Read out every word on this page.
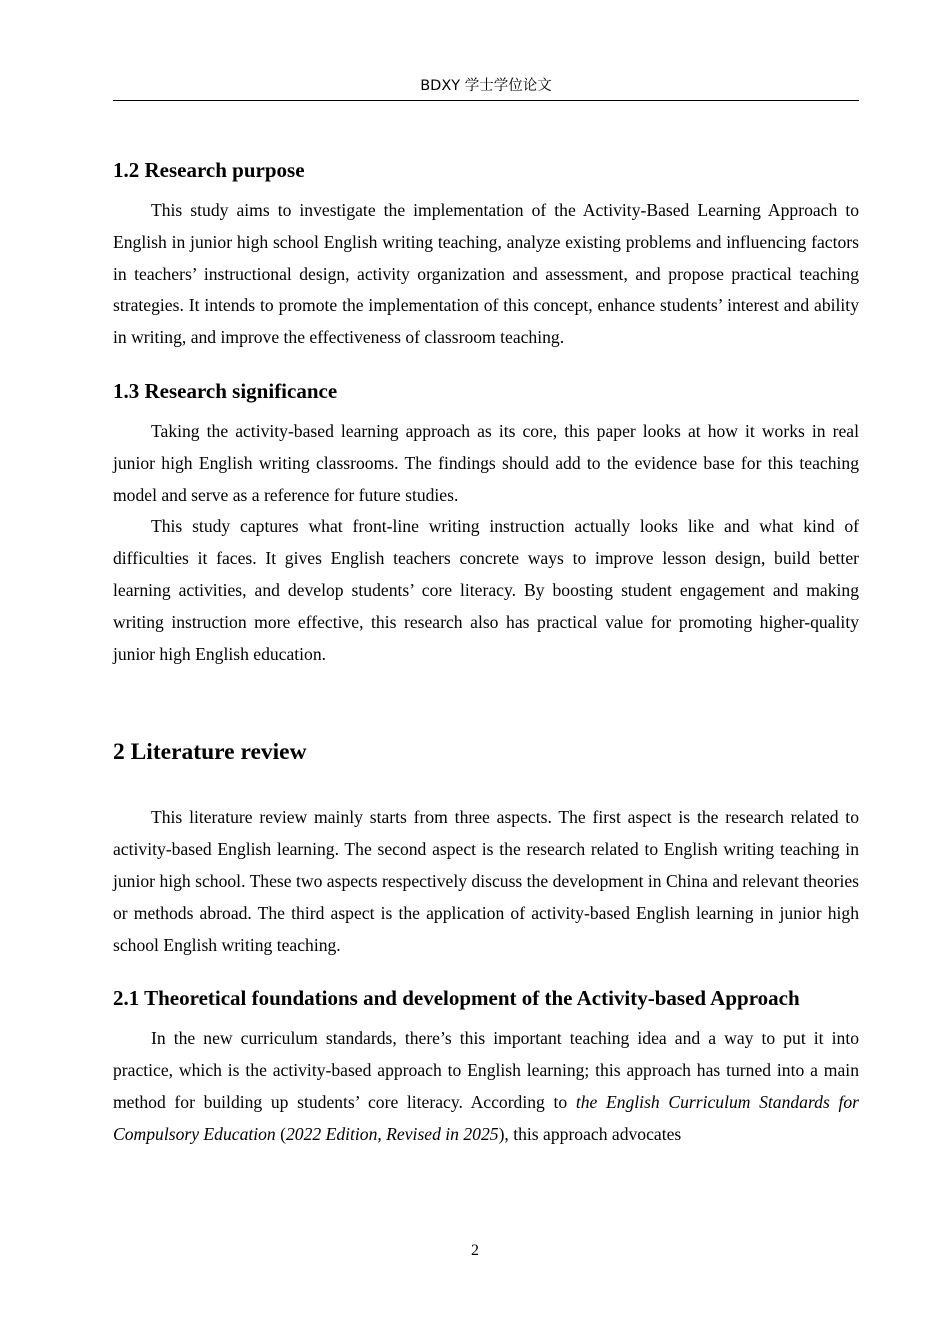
BDXY 学士学位论文
1.2 Research purpose

This study aims to investigate the implementation of the Activity-Based Learning Approach to English in junior high school English writing teaching, analyze existing problems and influencing factors in teachers’ instructional design, activity organization and assessment, and propose practical teaching strategies. It intends to promote the implementation of this concept, enhance students’ interest and ability in writing, and improve the effectiveness of classroom teaching.

1.3 Research significance

Taking the activity-based learning approach as its core, this paper looks at how it works in real junior high English writing classrooms. The findings should add to the evidence base for this teaching model and serve as a reference for future studies.

This study captures what front-line writing instruction actually looks like and what kind of difficulties it faces. It gives English teachers concrete ways to improve lesson design, build better learning activities, and develop students’ core literacy. By boosting student engagement and making writing instruction more effective, this research also has practical value for promoting higher-quality junior high English education.

2 Literature review

This literature review mainly starts from three aspects. The first aspect is the research related to activity-based English learning. The second aspect is the research related to English writing teaching in junior high school. These two aspects respectively discuss the development in China and relevant theories or methods abroad. The third aspect is the application of activity-based English learning in junior high school English writing teaching.

2.1 Theoretical foundations and development of the Activity-based Approach

In the new curriculum standards, there’s this important teaching idea and a way to put it into practice, which is the activity-based approach to English learning; this approach has turned into a main method for building up students’ core literacy. According to the English Curriculum Standards for Compulsory Education (2022 Edition, Revised in 2025), this approach advocates

2
